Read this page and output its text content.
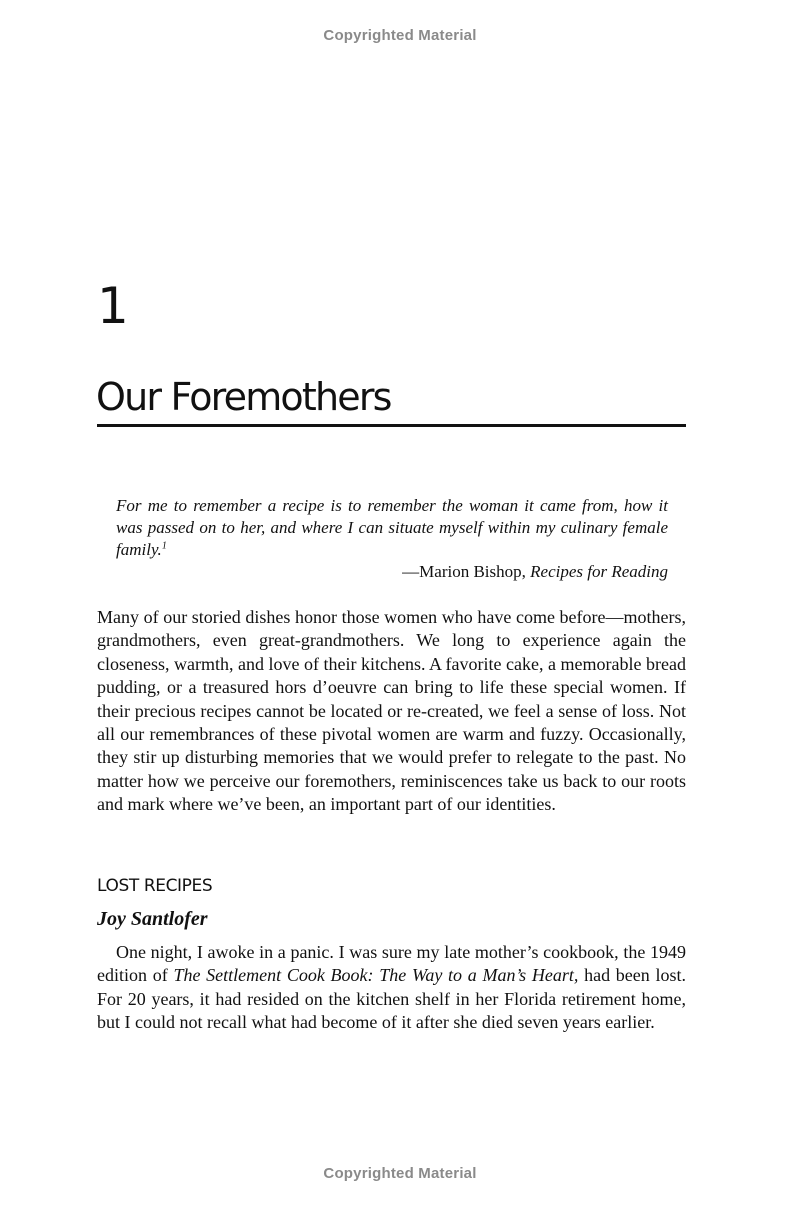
Copyrighted Material
1
Our Foremothers

For me to remember a recipe is to remember the woman it came from, how it was passed on to her, and where I can situate myself within my culinary female family.$^1$

—Marion Bishop, Recipes for Reading

Many of our storied dishes honor those women who have come before—mothers, grandmothers, even great-grandmothers. We long to experience again the closeness, warmth, and love of their kitchens. A favorite cake, a memorable bread pudding, or a treasured hors d’oeuvre can bring to life these special women. If their precious recipes cannot be located or re-created, we feel a sense of loss. Not all our remembrances of these pivotal women are warm and fuzzy. Occasionally, they stir up disturbing memories that we would prefer to relegate to the past. No matter how we perceive our foremothers, reminiscences take us back to our roots and mark where we’ve been, an important part of our identities.

LOST RECIPES
Joy Santlofer

One night, I awoke in a panic. I was sure my late mother’s cookbook, the 1949 edition of The Settlement Cook Book: The Way to a Man’s Heart, had been lost. For 20 years, it had resided on the kitchen shelf in her Florida retirement home, but I could not recall what had become of it after she died seven years earlier.

Copyrighted Material
